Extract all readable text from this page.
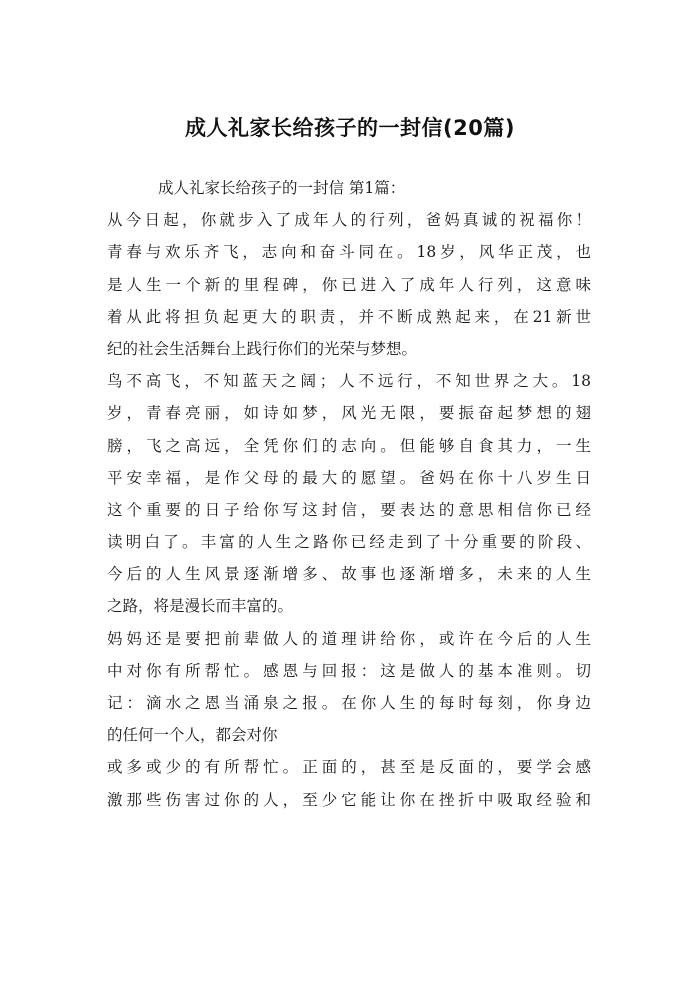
成人礼家长给孩子的一封信(20篇)
成人礼家长给孩子的一封信 第1篇：
从今日起，你就步入了成年人的行列，爸妈真诚的祝福你！
青春与欢乐齐飞，志向和奋斗同在。18岁，风华正茂，也
是人生一个新的里程碑，你已进入了成年人行列，这意味
着从此将担负起更大的职责，并不断成熟起来，在21新世
纪的社会生活舞台上践行你们的光荣与梦想。
鸟不高飞，不知蓝天之阔；人不远行，不知世界之大。18
岁，青春亮丽，如诗如梦，风光无限，要振奋起梦想的翅
膀，飞之高远，全凭你们的志向。但能够自食其力，一生
平安幸福，是作父母的最大的愿望。爸妈在你十八岁生日
这个重要的日子给你写这封信，要表达的意思相信你已经
读明白了。丰富的人生之路你已经走到了十分重要的阶段、
今后的人生风景逐渐增多、故事也逐渐增多，未来的人生
之路，将是漫长而丰富的。
妈妈还是要把前辈做人的道理讲给你，或许在今后的人生
中对你有所帮忙。感恩与回报：这是做人的基本准则。切
记：滴水之恩当涌泉之报。在你人生的每时每刻，你身边
的任何一个人，都会对你
或多或少的有所帮忙。正面的，甚至是反面的，要学会感
激那些伤害过你的人，至少它能让你在挫折中吸取经验和
